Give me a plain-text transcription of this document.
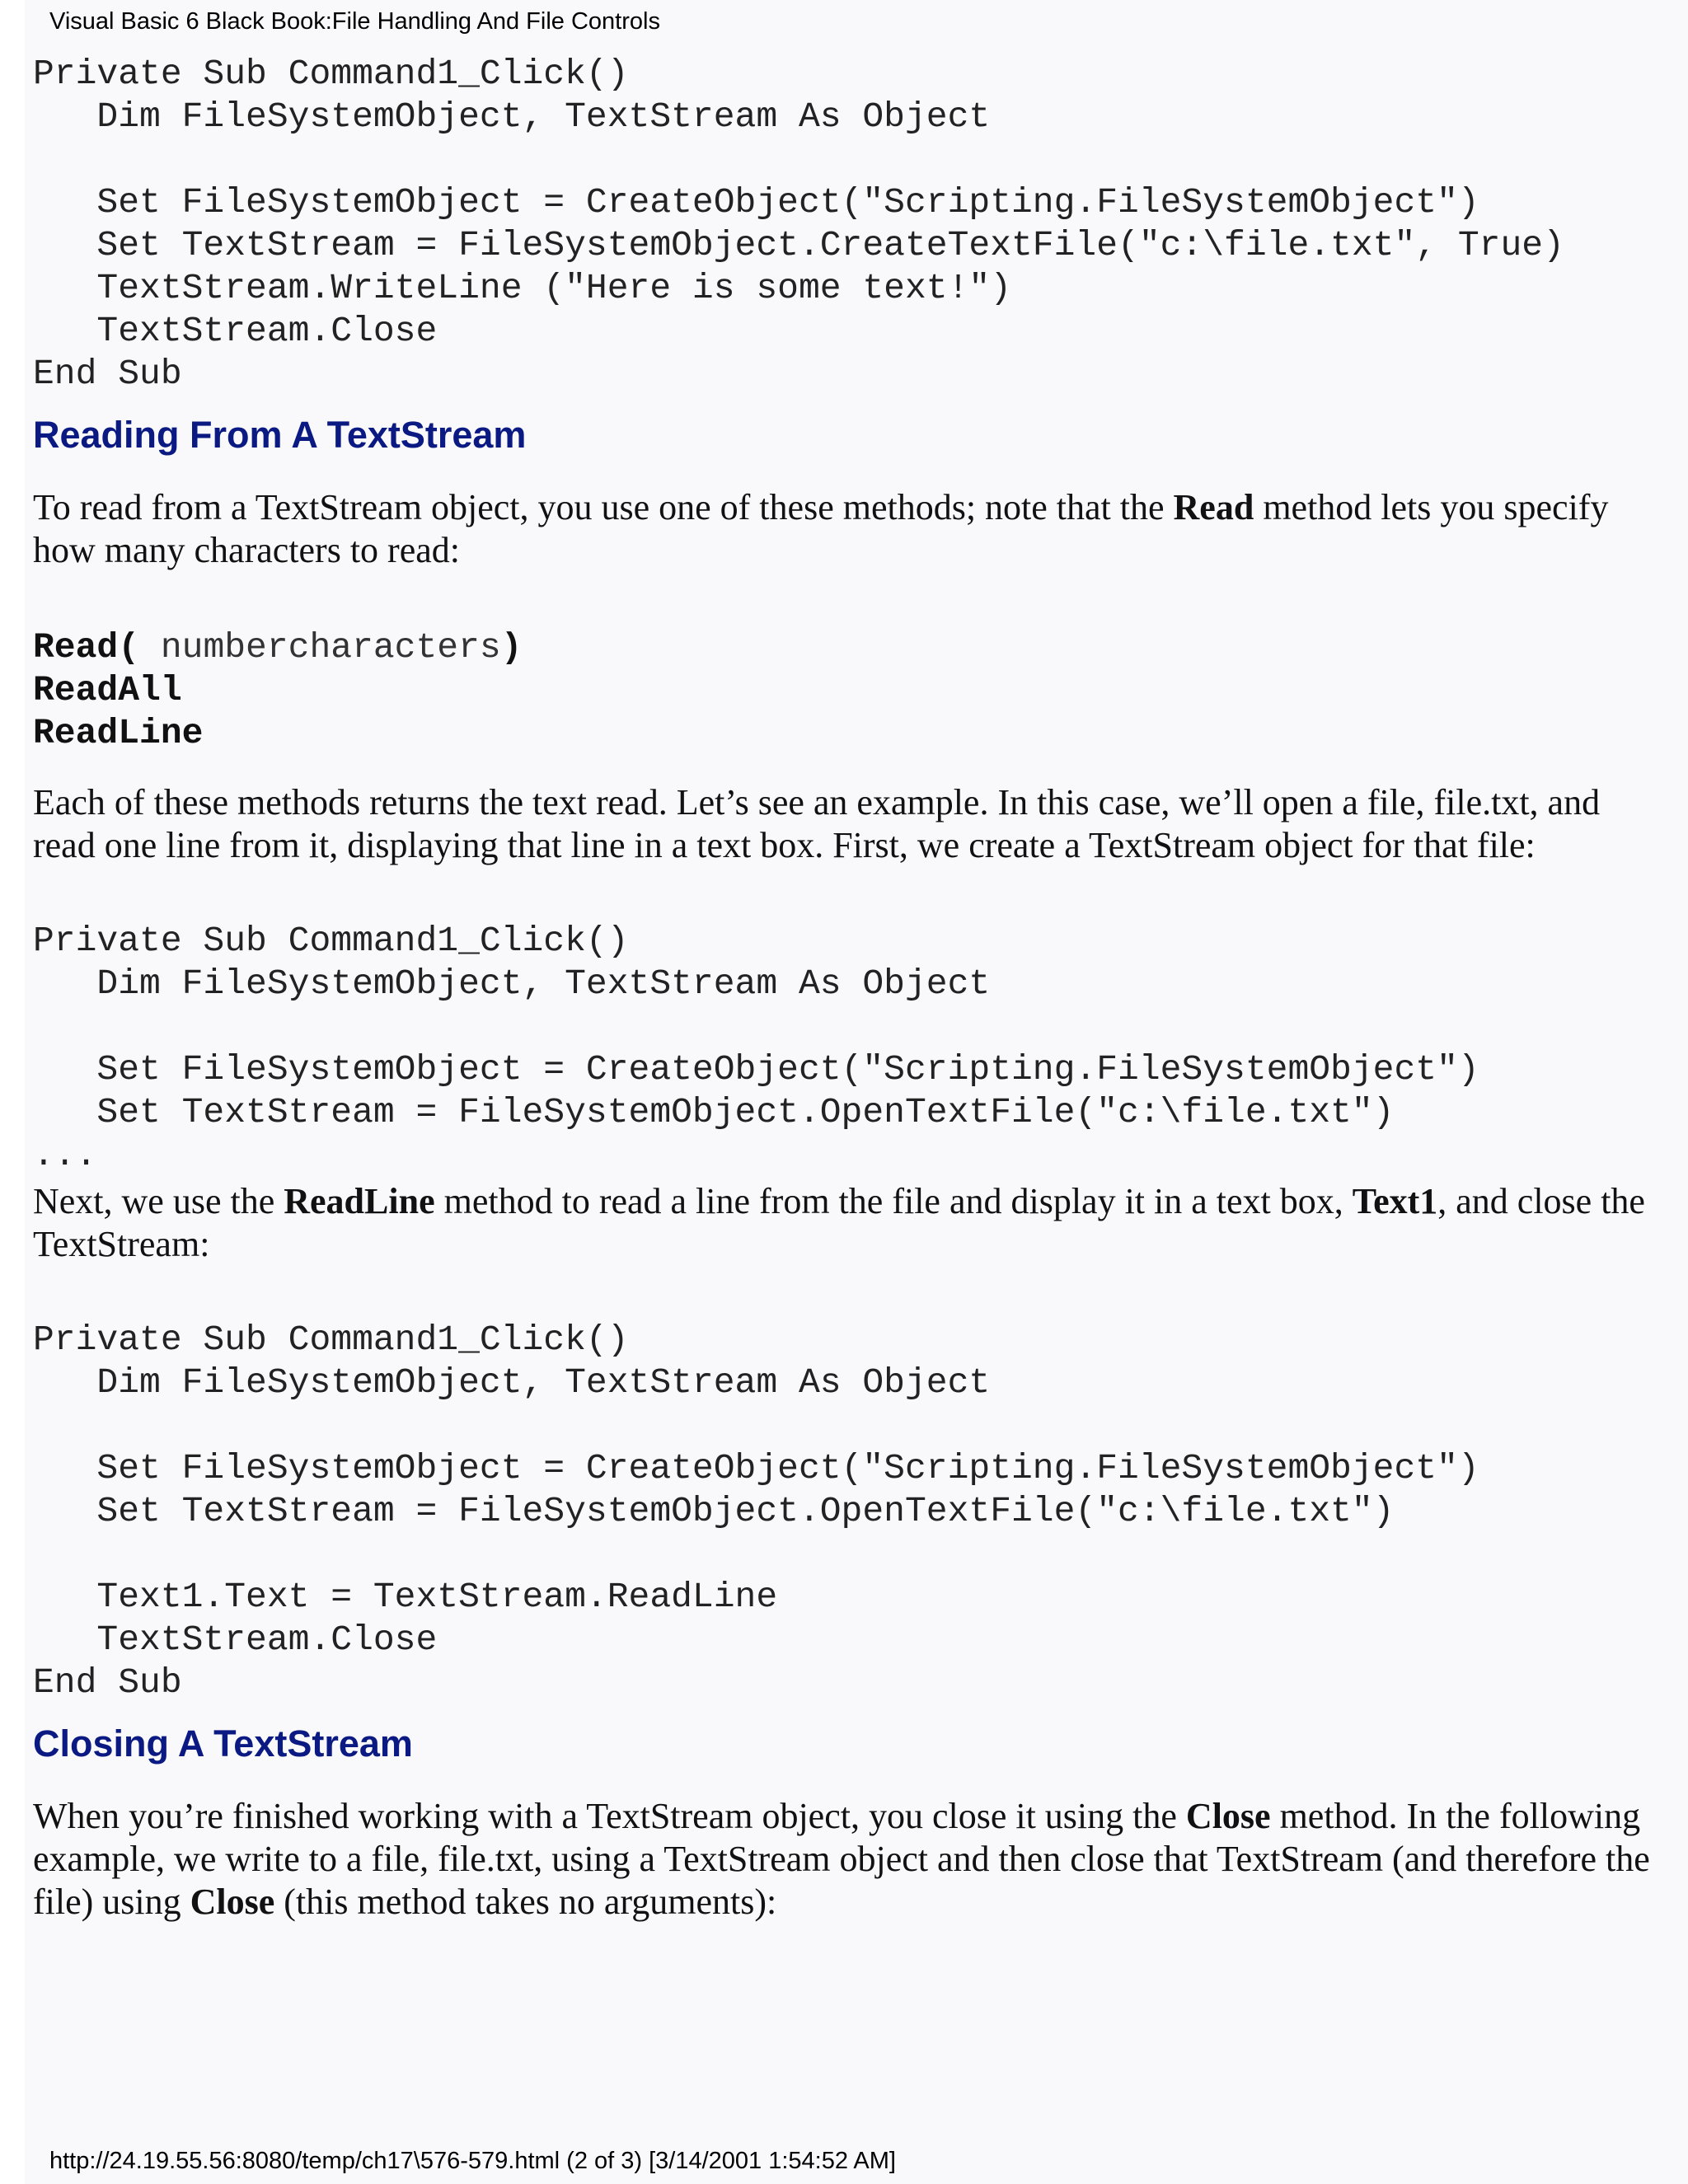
Visual Basic 6 Black Book:File Handling And File Controls
Private Sub Command1_Click()
Dim FileSystemObject, TextStream As Object
Set FileSystemObject = CreateObject("Scripting.FileSystemObject")
Set TextStream = FileSystemObject.CreateTextFile("c:\file.txt", True)
TextStream.WriteLine ("Here is some text!")
TextStream.Close
End Sub
Reading From A TextStream

To read from a TextStream object, you use one of these methods; note that the Read method lets you specify how many characters to read:

Read( numbercharacters)
ReadAll
ReadLine

Each of these methods returns the text read. Let’s see an example. In this case, we’ll open a file, file.txt, and read one line from it, displaying that line in a text box. First, we create a TextStream object for that file:

Private Sub Command1_Click()
Dim FileSystemObject, TextStream As Object
Set FileSystemObject = CreateObject("Scripting.FileSystemObject")
Set TextStream = FileSystemObject.OpenTextFile("c:\file.txt")
...

Next, we use the ReadLine method to read a line from the file and display it in a text box, Text1, and close the TextStream:

Private Sub Command1_Click()
Dim FileSystemObject, TextStream As Object
Set FileSystemObject = CreateObject("Scripting.FileSystemObject")
Set TextStream = FileSystemObject.OpenTextFile("c:\file.txt")
Text1.Text = TextStream.ReadLine
TextStream.Close
End Sub
Closing A TextStream

When you’re finished working with a TextStream object, you close it using the Close method. In the following example, we write to a file, file.txt, using a TextStream object and then close that TextStream (and therefore the file) using Close (this method takes no arguments):

http://24.19.55.56:8080/temp/ch17\576-579.html (2 of 3) [3/14/2001 1:54:52 AM]
